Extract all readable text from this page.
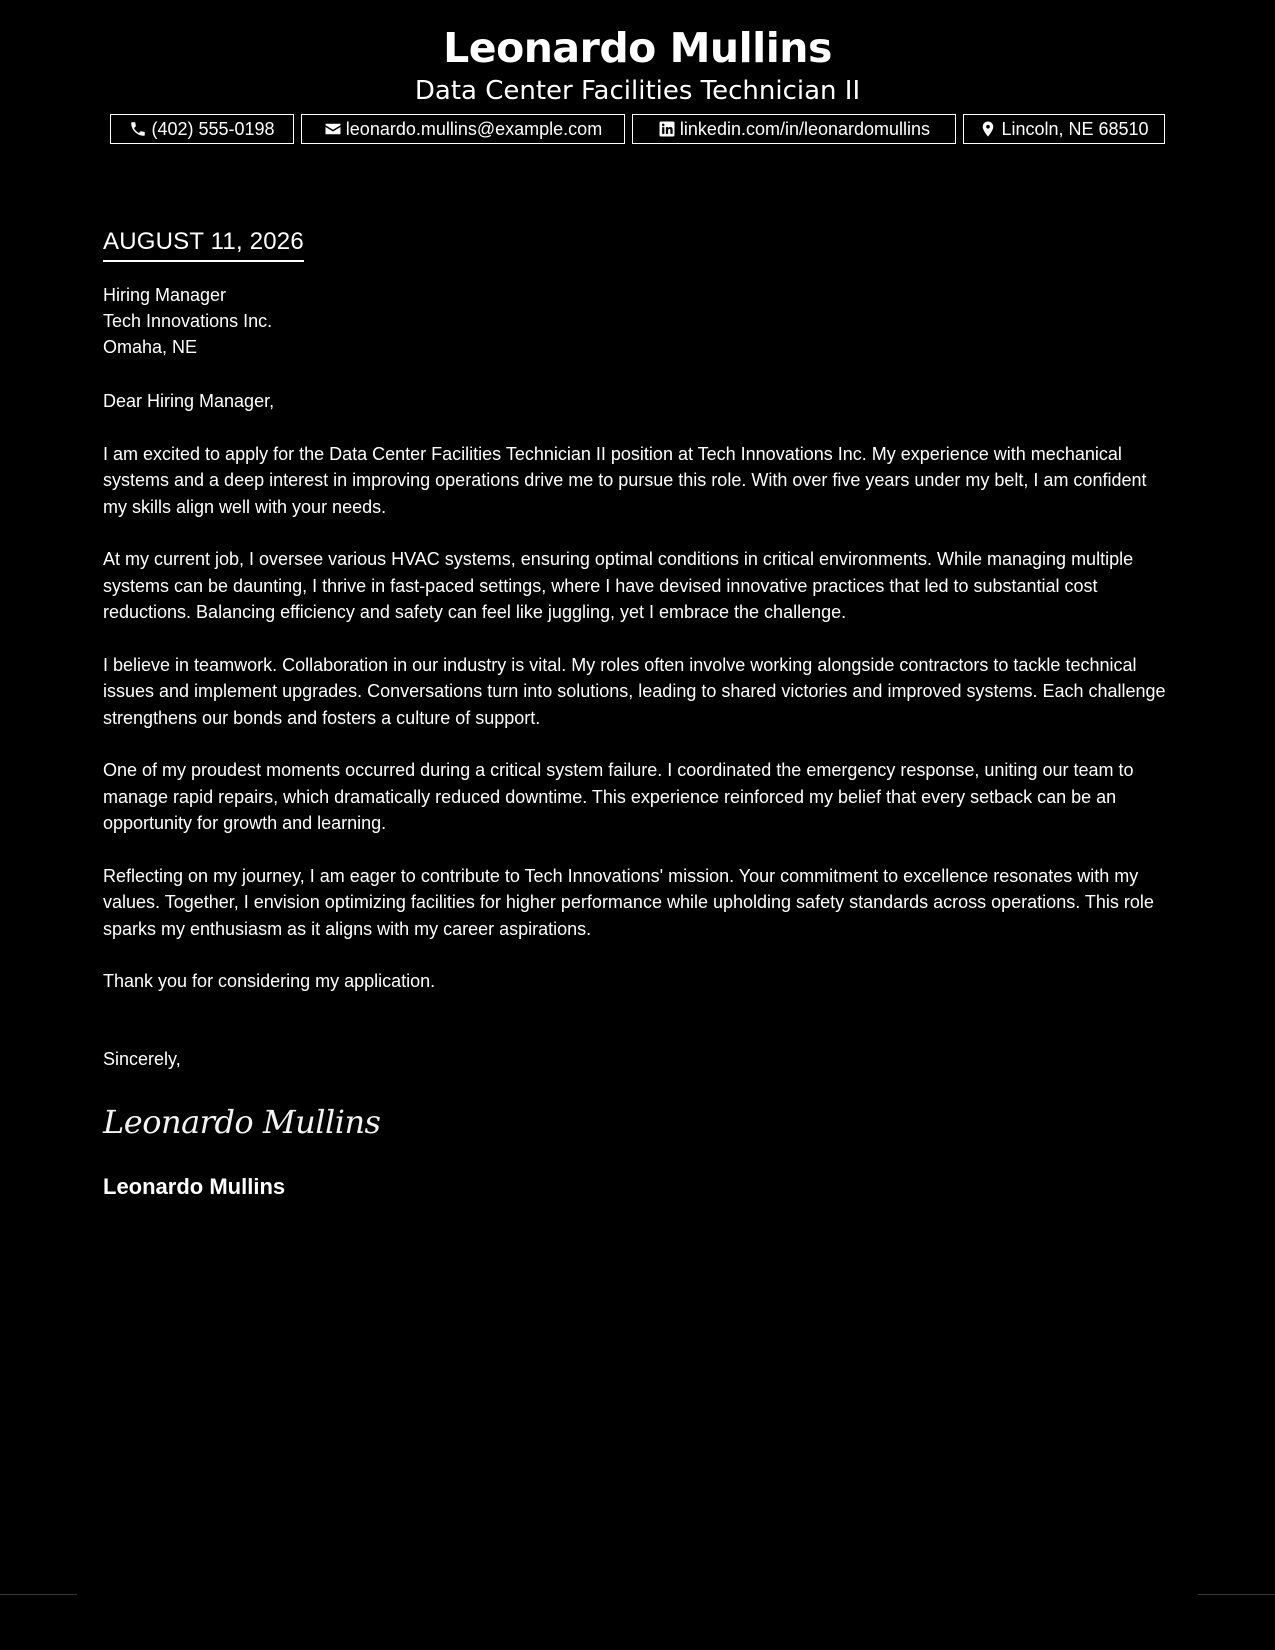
Leonardo Mullins
Data Center Facilities Technician II
(402) 555-0198	leonardo.mullins@example.com	linkedin.com/in/leonardomullins	Lincoln, NE 68510
AUGUST 11, 2026
Hiring Manager
Tech Innovations Inc.
Omaha, NE

Dear Hiring Manager,

I am excited to apply for the Data Center Facilities Technician II position at Tech Innovations Inc. My experience with mechanical systems and a deep interest in improving operations drive me to pursue this role. With over five years under my belt, I am confident my skills align well with your needs.

At my current job, I oversee various HVAC systems, ensuring optimal conditions in critical environments. While managing multiple systems can be daunting, I thrive in fast-paced settings, where I have devised innovative practices that led to substantial cost reductions. Balancing efficiency and safety can feel like juggling, yet I embrace the challenge.

I believe in teamwork. Collaboration in our industry is vital. My roles often involve working alongside contractors to tackle technical issues and implement upgrades. Conversations turn into solutions, leading to shared victories and improved systems. Each challenge strengthens our bonds and fosters a culture of support.

One of my proudest moments occurred during a critical system failure. I coordinated the emergency response, uniting our team to manage rapid repairs, which dramatically reduced downtime. This experience reinforced my belief that every setback can be an opportunity for growth and learning.

Reflecting on my journey, I am eager to contribute to Tech Innovations' mission. Your commitment to excellence resonates with my values. Together, I envision optimizing facilities for higher performance while upholding safety standards across operations. This role sparks my enthusiasm as it aligns with my career aspirations.

Thank you for considering my application.

Sincerely,
Leonardo Mullins
Leonardo Mullins
